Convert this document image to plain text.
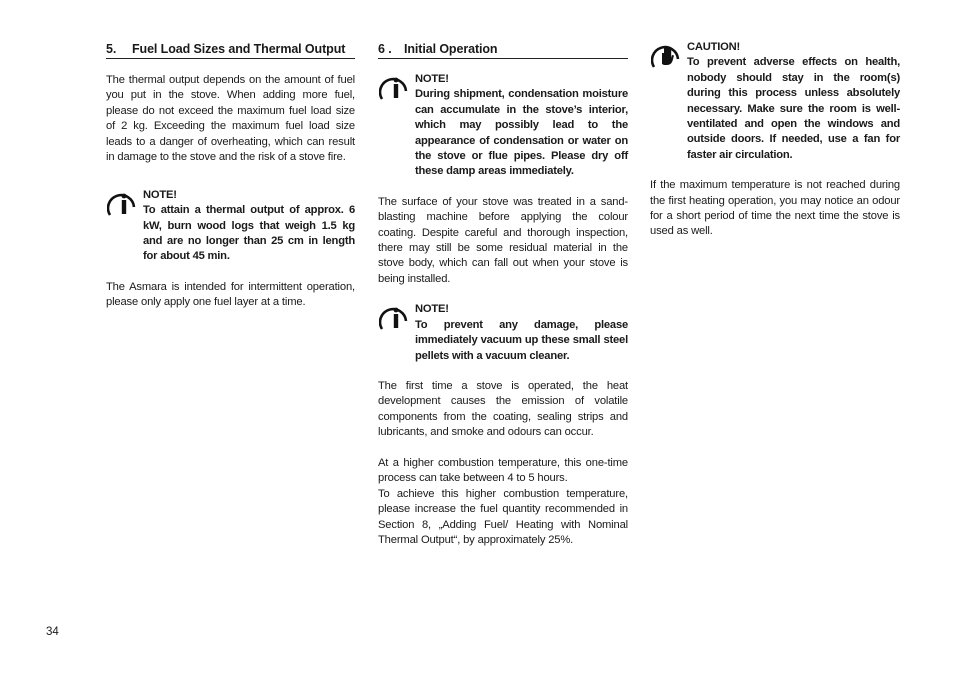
5.	Fuel Load Sizes and Thermal Output

The thermal output depends on the amount of fuel you put in the stove. When adding more fuel, please do not exceed the maximum fuel load size of 2 kg. Exceeding the maximum fuel load size leads to a danger of overheating, which can result in damage to the stove and the risk of a stove fire.

NOTE!
To attain a thermal output of approx. 6 kW, burn wood logs that weigh 1.5 kg and are no longer than 25 cm in length for about 45 min.

The Asmara is intended for intermittent operation, please only apply one fuel layer at a time.

6 . Initial Operation
NOTE!
During shipment, condensation moisture can accumulate in the stove’s interior, which may possibly lead to the appearance of condensation or water on the stove or flue pipes. Please dry off these damp areas immediately.

The surface of your stove was treated in a sand-blasting machine before applying the colour coating. Despite careful and thorough inspection, there may still be some residual material in the stove body, which can fall out when your stove is being installed.

NOTE!
To prevent any damage, please immediately vacuum up these small steel pellets with a vacuum cleaner.

The first time a stove is operated, the heat development causes the emission of volatile components from the coating, sealing strips and lubricants, and smoke and odours can occur.

At a higher combustion temperature, this one-time process can take between 4 to 5 hours.

To achieve this higher combustion temperature, please increase the fuel quantity recommended in Section 8, „Adding Fuel/ Heating with Nominal Thermal Output“, by approximately 25%.

CAUTION!
To prevent adverse effects on health, nobody should stay in the room(s) during this process unless absolutely necessary. Make sure the room is well-ventilated and open the windows and outside doors. If needed, use a fan for faster air circulation.

If the maximum temperature is not reached during the first heating operation, you may notice an odour for a short period of time the next time the stove is used as well.

34
